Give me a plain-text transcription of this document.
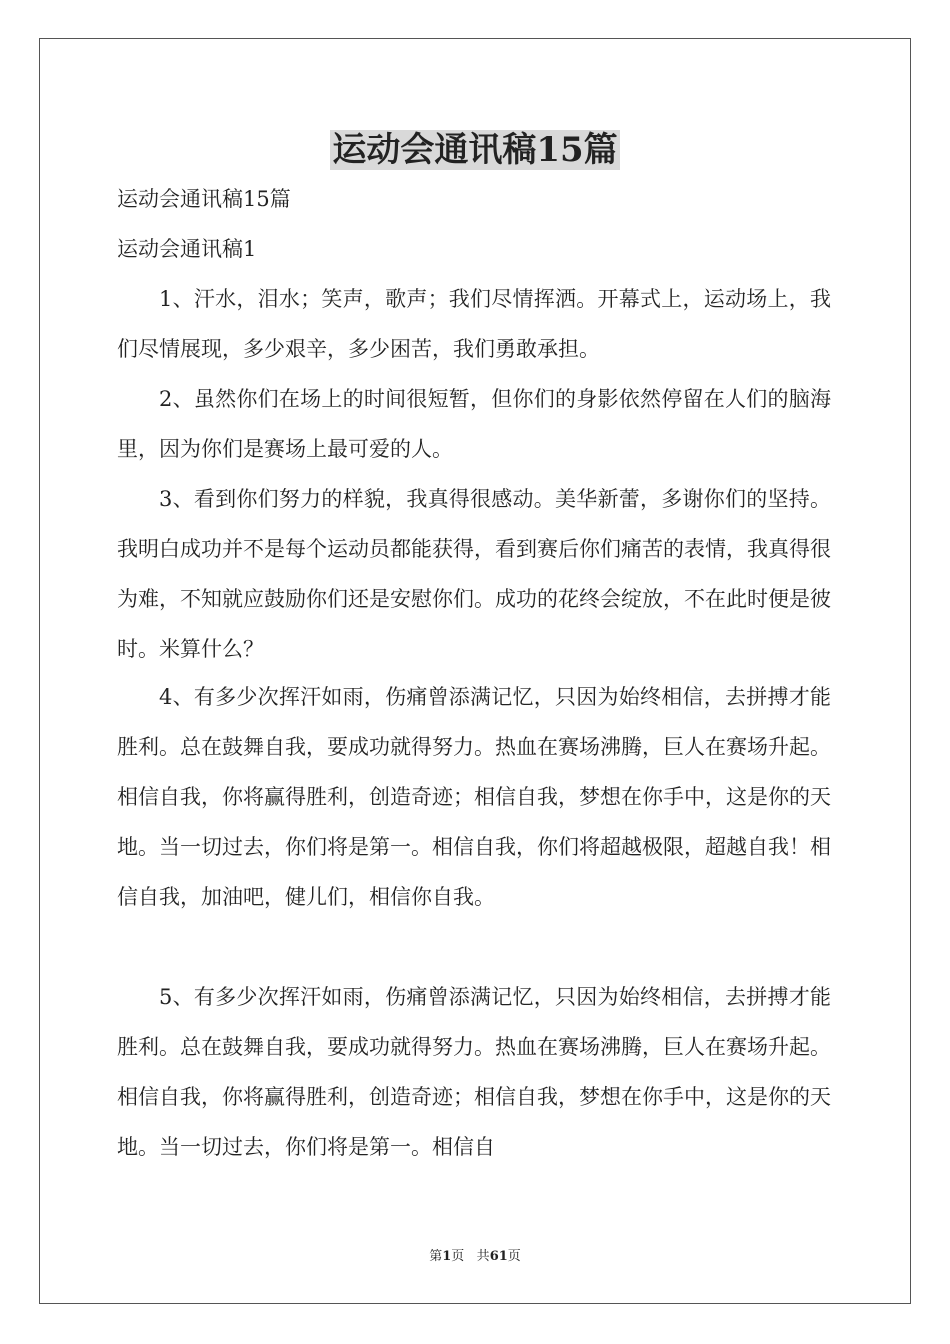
运动会通讯稿15篇
运动会通讯稿15篇
运动会通讯稿1

1、汗水，泪水；笑声，歌声；我们尽情挥洒。开幕式上，运动场上，我们尽情展现，多少艰辛，多少困苦，我们勇敢承担。

2、虽然你们在场上的时间很短暂，但你们的身影依然停留在人们的脑海里，因为你们是赛场上最可爱的人。

3、看到你们努力的样貌，我真得很感动。美华新蕾，多谢你们的坚持。我明白成功并不是每个运动员都能获得，看到赛后你们痛苦的表情，我真得很为难，不知就应鼓励你们还是安慰你们。成功的花终会绽放，不在此时便是彼时。米算什么？

4、有多少次挥汗如雨，伤痛曾添满记忆，只因为始终相信，去拼搏才能胜利。总在鼓舞自我，要成功就得努力。热血在赛场沸腾，巨人在赛场升起。相信自我，你将赢得胜利，创造奇迹；相信自我，梦想在你手中，这是你的天地。当一切过去，你们将是第一。相信自我，你们将超越极限，超越自我！相信自我，加油吧，健儿们，相信你自我。

5、有多少次挥汗如雨，伤痛曾添满记忆，只因为始终相信，去拼搏才能胜利。总在鼓舞自我，要成功就得努力。热血在赛场沸腾，巨人在赛场升起。相信自我，你将赢得胜利，创造奇迹；相信自我，梦想在你手中，这是你的天地。当一切过去，你们将是第一。相信自

第1页 共61页
